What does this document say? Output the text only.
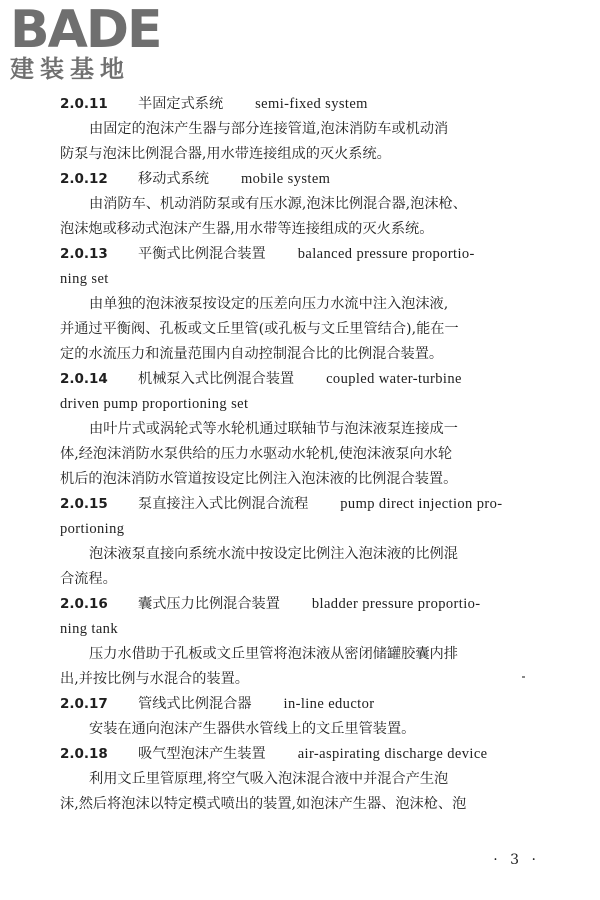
BADE
建装基地
2.0.11 半固定式系统 semi-fixed system
由固定的泡沫产生器与部分连接管道,泡沫消防车或机动消
防泵与泡沫比例混合器,用水带连接组成的灭火系统。
2.0.12 移动式系统 mobile system
由消防车、机动消防泵或有压水源,泡沫比例混合器,泡沫枪、
泡沫炮或移动式泡沫产生器,用水带等连接组成的灭火系统。
2.0.13 平衡式比例混合装置 balanced pressure proportio-
ning set
由单独的泡沫液泵按设定的压差向压力水流中注入泡沫液,
并通过平衡阀、孔板或文丘里管(或孔板与文丘里管结合),能在一
定的水流压力和流量范围内自动控制混合比的比例混合装置。
2.0.14 机械泵入式比例混合装置 coupled water-turbine
driven pump proportioning set
由叶片式或涡轮式等水轮机通过联轴节与泡沫液泵连接成一
体,经泡沫消防水泵供给的压力水驱动水轮机,使泡沫液泵向水轮
机后的泡沫消防水管道按设定比例注入泡沫液的比例混合装置。
2.0.15 泵直接注入式比例混合流程 pump direct injection pro-
portioning
泡沫液泵直接向系统水流中按设定比例注入泡沫液的比例混
合流程。
2.0.16 囊式压力比例混合装置 bladder pressure proportio-
ning tank
压力水借助于孔板或文丘里管将泡沫液从密闭储罐胶囊内排
出,并按比例与水混合的装置。
2.0.17 管线式比例混合器 in-line eductor
安装在通向泡沫产生器供水管线上的文丘里管装置。
2.0.18 吸气型泡沫产生装置 air-aspirating discharge device
利用文丘里管原理,将空气吸入泡沫混合液中并混合产生泡
沫,然后将泡沫以特定模式喷出的装置,如泡沫产生器、泡沫枪、泡
· 3 ·
